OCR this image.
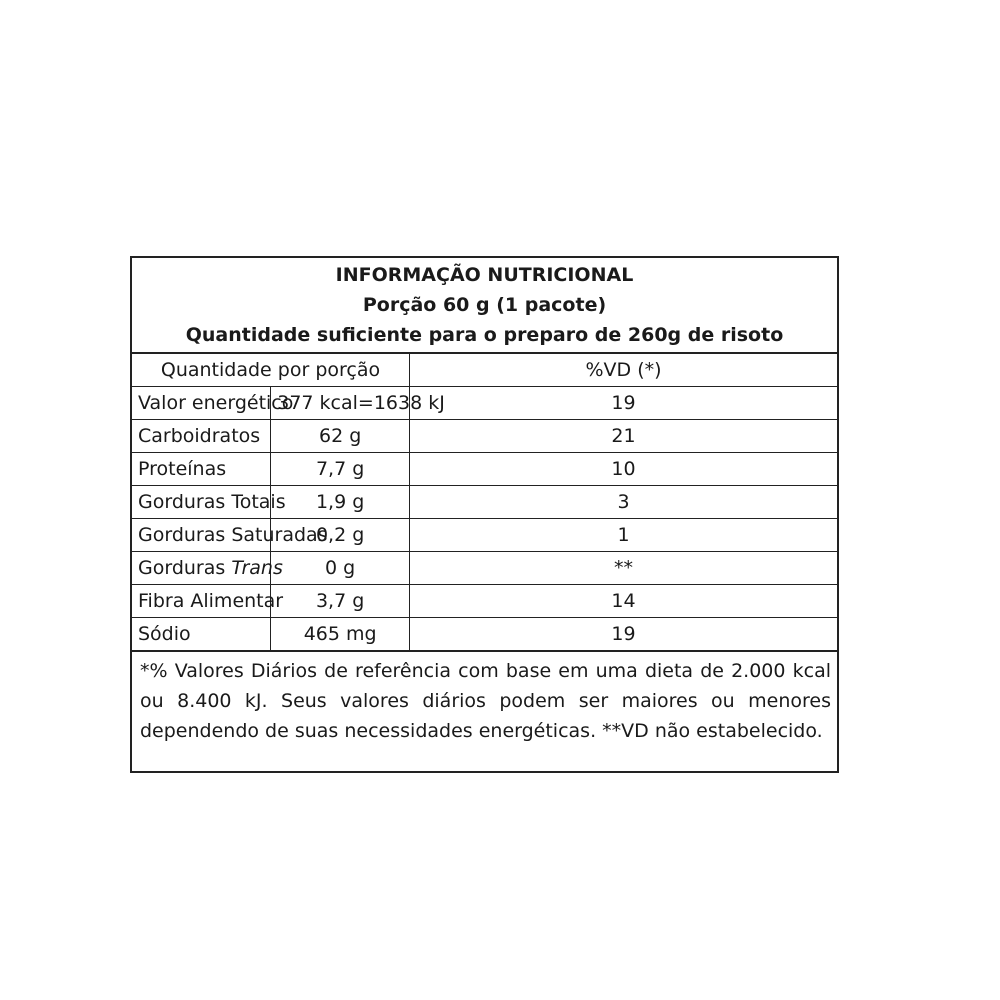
INFORMAÇÃO NUTRICIONAL
Porção 60 g (1 pacote)
Quantidade suficiente para o preparo de 260g de risoto
Quantidade por porção		%VD (*)
Valor energético	377 kcal=1638 kJ	19
Carboidratos	62 g	21
Proteínas	7,7 g	10
Gorduras Totais	1,9 g	3
Gorduras Saturadas	0,2 g	1
Gorduras Trans	0 g	**
Fibra Alimentar	3,7 g	14
Sódio	465 mg	19
*% Valores Diários de referência com base em uma dieta de 2.000 kcal ou 8.400 kJ. Seus valores diários podem ser maiores ou menores dependendo de suas necessidades energéticas. **VD não estabelecido.
